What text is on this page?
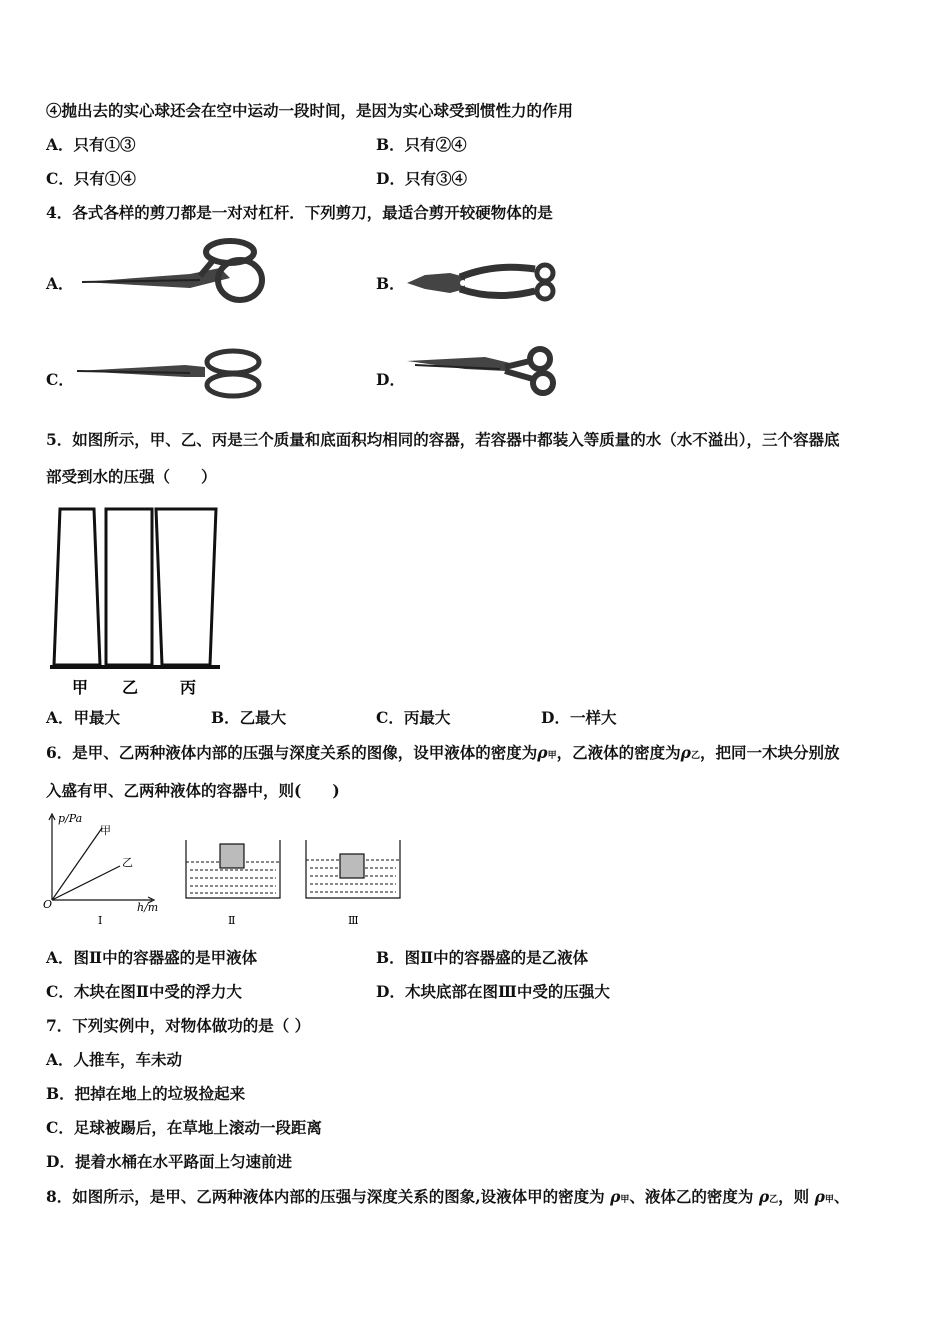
④抛出去的实心球还会在空中运动一段时间，是因为实心球受到惯性力的作用
A．只有①③	B．只有②④
C．只有①④	D．只有③④
4．各式各样的剪刀都是一对对杠杆．下列剪刀，最适合剪开较硬物体的是
A．	B．
C．	D．
5．如图所示，甲、乙、丙是三个质量和底面积均相同的容器，若容器中都装入等质量的水（水不溢出），三个容器底
部受到水的压强（　　）
甲 乙	丙
A．甲最大	B．乙最大	C．丙最大	D．一样大
6．是甲、乙两种液体内部的压强与深度关系的图像，设甲液体的密度为ρ甲，乙液体的密度为ρ乙，把同一木块分别放
入盛有甲、乙两种液体的容器中，则(　　)
p/Pa
h/m
O
甲
乙
Ⅰ	Ⅱ	Ⅲ
A．图Ⅱ中的容器盛的是甲液体	B．图Ⅱ中的容器盛的是乙液体
C．木块在图Ⅱ中受的浮力大	D．木块底部在图Ⅲ中受的压强大
7．下列实例中，对物体做功的是（ ）
A．人推车，车未动
B．把掉在地上的垃圾捡起来
C．足球被踢后，在草地上滚动一段距离
D．提着水桶在水平路面上匀速前进
8．如图所示，是甲、乙两种液体内部的压强与深度关系的图象,设液体甲的密度为 ρ甲、液体乙的密度为 ρ乙，则 ρ甲、
